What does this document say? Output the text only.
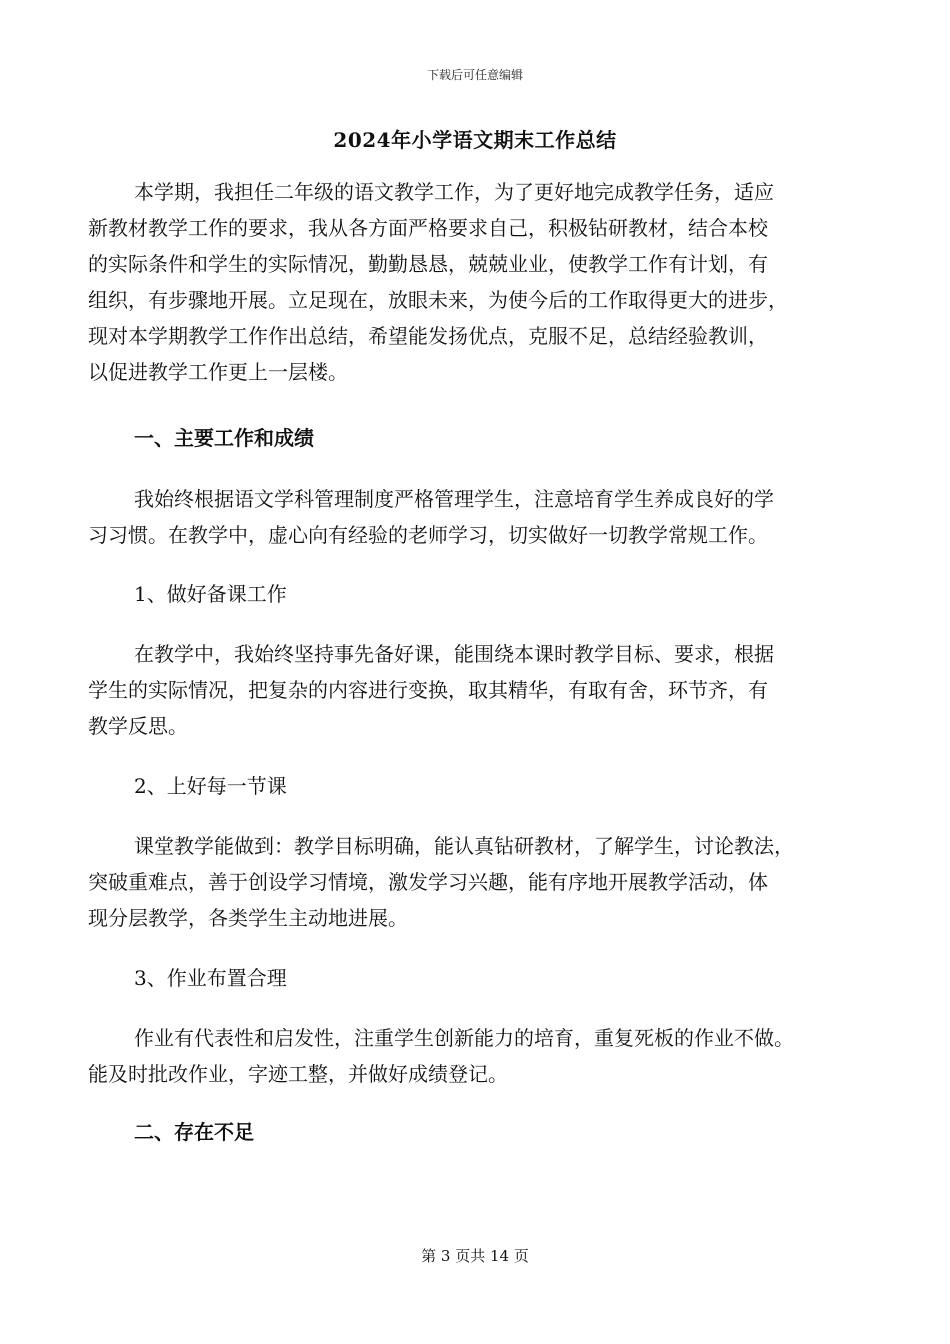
下载后可任意编辑
2024年小学语文期末工作总结
本学期，我担任二年级的语文教学工作，为了更好地完成教学任务，适应
新教材教学工作的要求，我从各方面严格要求自己，积极钻研教材，结合本校
的实际条件和学生的实际情况，勤勤恳恳，兢兢业业，使教学工作有计划，有
组织，有步骤地开展。立足现在，放眼未来，为使今后的工作取得更大的进步，
现对本学期教学工作作出总结，希望能发扬优点，克服不足，总结经验教训，
以促进教学工作更上一层楼。
一、主要工作和成绩
我始终根据语文学科管理制度严格管理学生，注意培育学生养成良好的学
习习惯。在教学中，虚心向有经验的老师学习，切实做好一切教学常规工作。
1、做好备课工作
在教学中，我始终坚持事先备好课，能围绕本课时教学目标、要求，根据
学生的实际情况，把复杂的内容进行变换，取其精华，有取有舍，环节齐，有
教学反思。
2、上好每一节课
课堂教学能做到：教学目标明确，能认真钻研教材，了解学生，讨论教法，
突破重难点，善于创设学习情境，激发学习兴趣，能有序地开展教学活动，体
现分层教学，各类学生主动地进展。
3、作业布置合理
作业有代表性和启发性，注重学生创新能力的培育，重复死板的作业不做。
能及时批改作业，字迹工整，并做好成绩登记。
二、存在不足
第 3 页共 14 页
